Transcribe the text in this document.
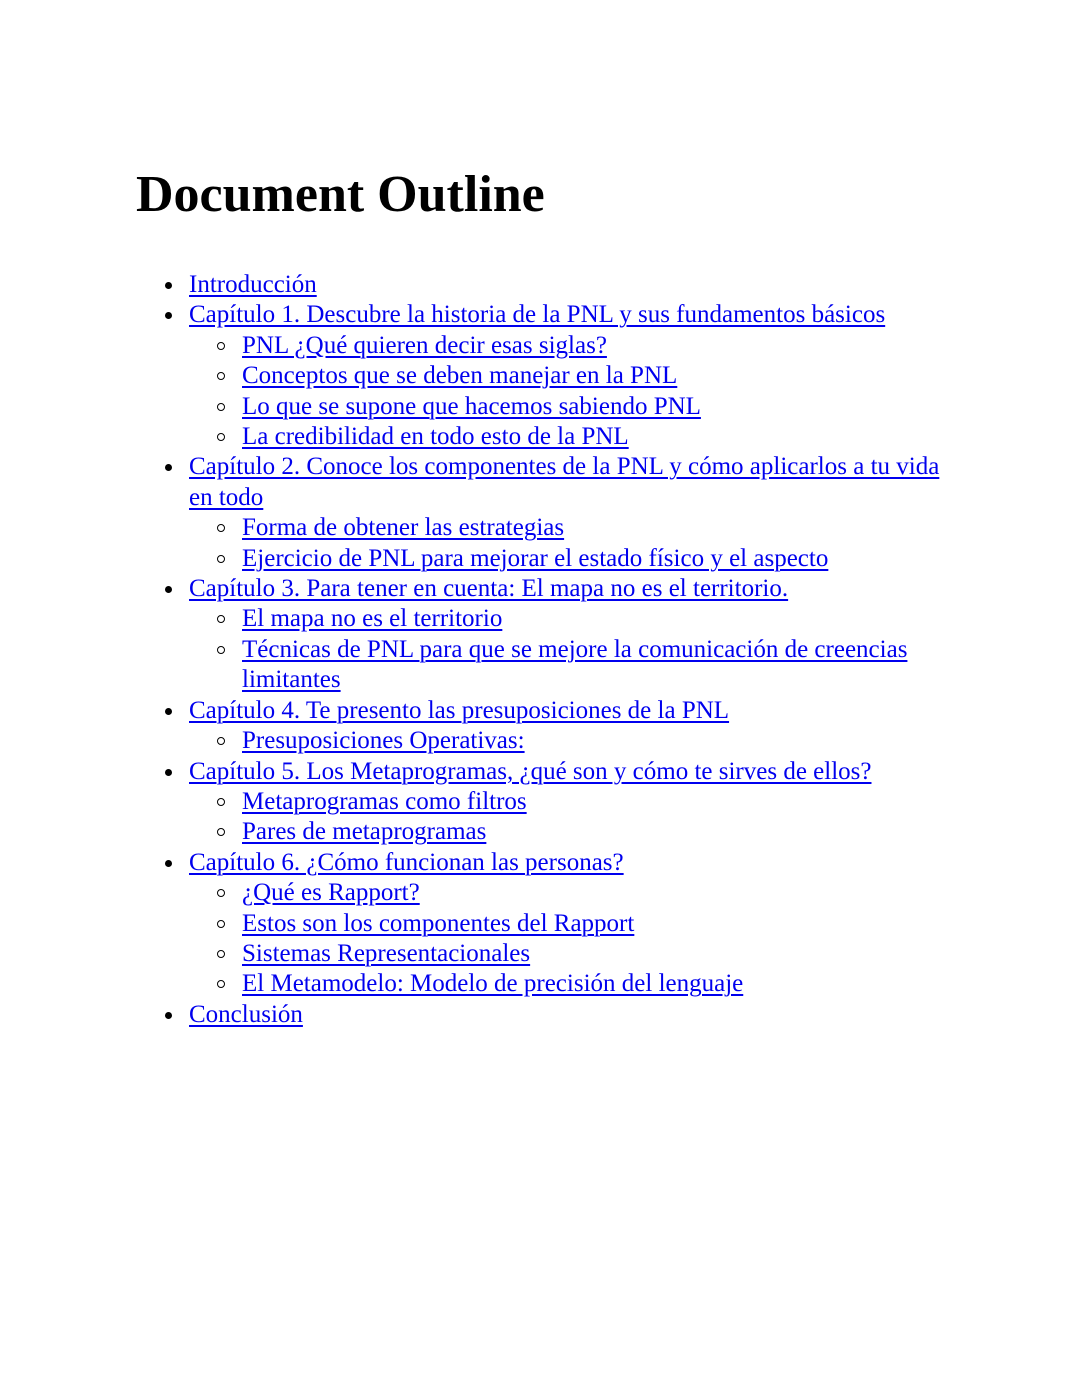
Document Outline
Introducción
Capítulo 1. Descubre la historia de la PNL y sus fundamentos básicos
PNL ¿Qué quieren decir esas siglas?
Conceptos que se deben manejar en la PNL
Lo que se supone que hacemos sabiendo PNL
La credibilidad en todo esto de la PNL
Capítulo 2. Conoce los componentes de la PNL y cómo aplicarlos a tu vida en todo
Forma de obtener las estrategias
Ejercicio de PNL para mejorar el estado físico y el aspecto
Capítulo 3. Para tener en cuenta: El mapa no es el territorio.
El mapa no es el territorio
Técnicas de PNL para que se mejore la comunicación de creencias limitantes
Capítulo 4. Te presento las presuposiciones de la PNL
Presuposiciones Operativas:
Capítulo 5. Los Metaprogramas, ¿qué son y cómo te sirves de ellos?
Metaprogramas como filtros
Pares de metaprogramas
Capítulo 6. ¿Cómo funcionan las personas?
¿Qué es Rapport?
Estos son los componentes del Rapport
Sistemas Representacionales
El Metamodelo: Modelo de precisión del lenguaje
Conclusión
